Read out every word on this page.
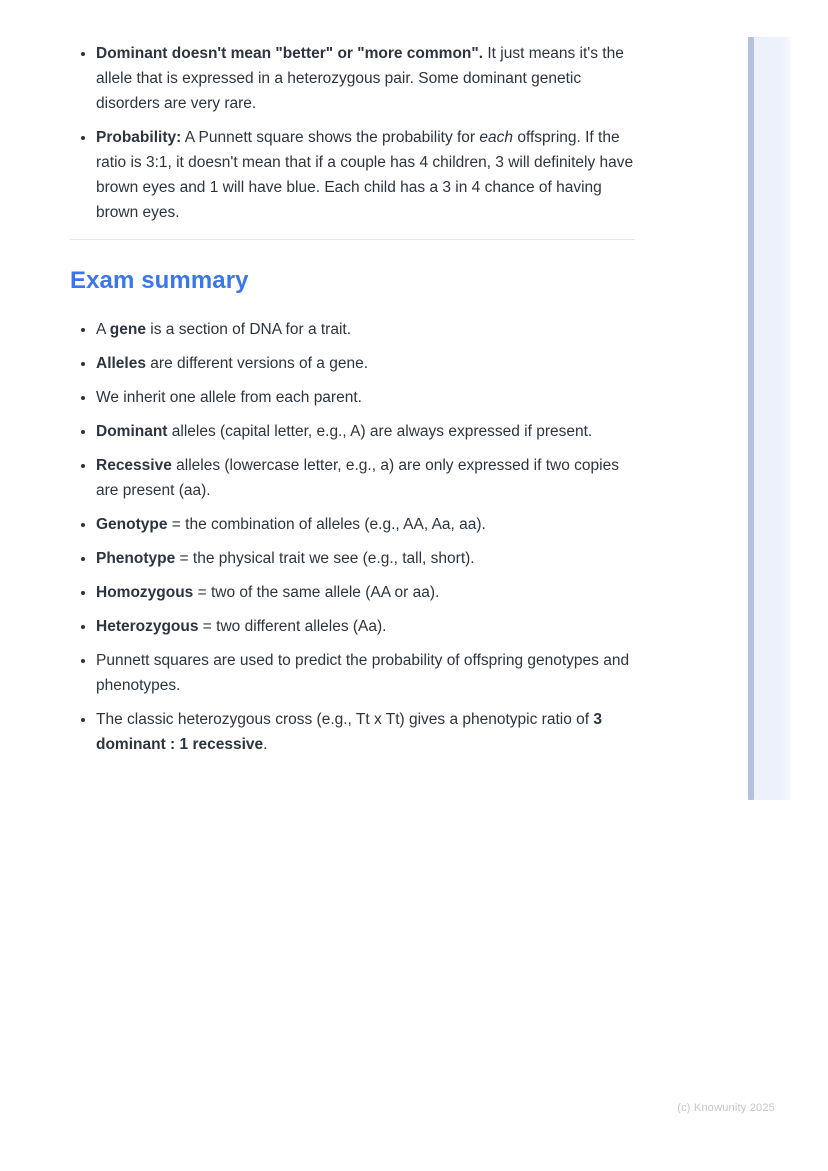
• Dominant doesn't mean "better" or "more common". It just means it's the allele that is expressed in a heterozygous pair. Some dominant genetic disorders are very rare.
• Probability: A Punnett square shows the probability for each offspring. If the ratio is 3:1, it doesn't mean that if a couple has 4 children, 3 will definitely have brown eyes and 1 will have blue. Each child has a 3 in 4 chance of having brown eyes.
Exam summary
• A gene is a section of DNA for a trait.
• Alleles are different versions of a gene.
• We inherit one allele from each parent.
• Dominant alleles (capital letter, e.g., A) are always expressed if present.
• Recessive alleles (lowercase letter, e.g., a) are only expressed if two copies are present (aa).
• Genotype = the combination of alleles (e.g., AA, Aa, aa).
• Phenotype = the physical trait we see (e.g., tall, short).
• Homozygous = two of the same allele (AA or aa).
• Heterozygous = two different alleles (Aa).
• Punnett squares are used to predict the probability of offspring genotypes and phenotypes.
• The classic heterozygous cross (e.g., Tt x Tt) gives a phenotypic ratio of 3 dominant : 1 recessive.
(c) Knowunity 2025
